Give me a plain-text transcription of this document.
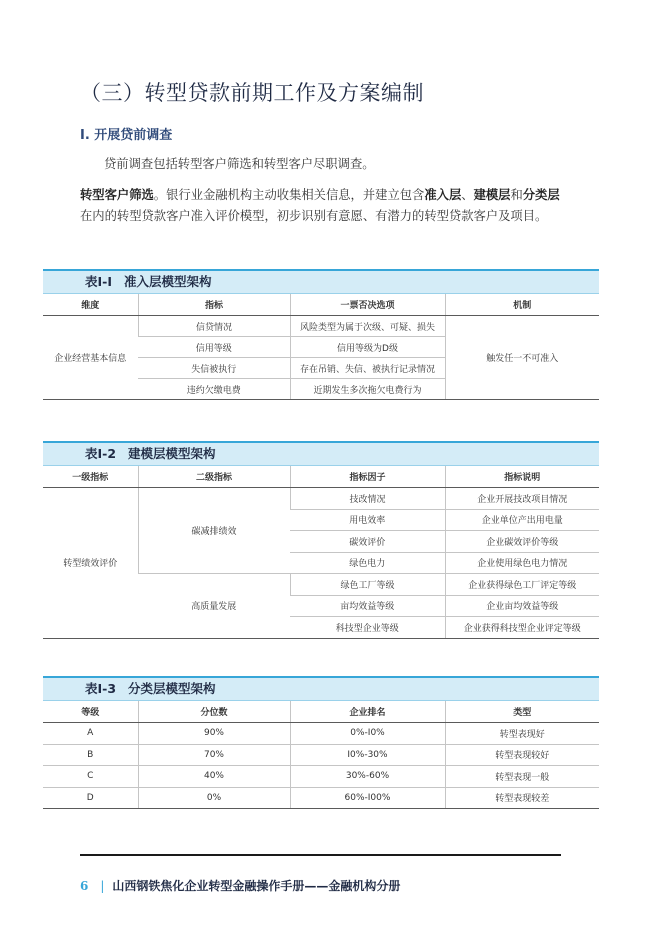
（三）转型贷款前期工作及方案编制
I. 开展贷前调查

贷前调查包括转型客户筛选和转型客户尽职调查。

转型客户筛选。银行业金融机构主动收集相关信息，并建立包含准入层、建模层和分类层在内的转型贷款客户准入评价模型，初步识别有意愿、有潜力的转型贷款客户及项目。

表I-I 准入层模型架构
维度	指标	一票否决选项	机制
企业经营基本信息	信贷情况	风险类型为属于次级、可疑、损失	触发任一不可准入
	信用等级	信用等级为D级	
	失信被执行	存在吊销、失信、被执行记录情况	
	违约欠缴电费	近期发生多次拖欠电费行为	
表I-2 建模层模型架构
一级指标	二级指标	指标因子	指标说明
转型绩效评价	碳减排绩效	技改情况	企业开展技改项目情况
		用电效率	企业单位产出用电量
		碳效评价	企业碳效评价等级
		绿色电力	企业使用绿色电力情况
	高质量发展	绿色工厂等级	企业获得绿色工厂评定等级
		亩均效益等级	企业亩均效益等级
		科技型企业等级	企业获得科技型企业评定等级
表I-3 分类层模型架构
等级	分位数	企业排名	类型
A	90%	0%-I0%	转型表现好
B	70%	I0%-30%	转型表现较好
C	40%	30%-60%	转型表现一般
D	0%	60%-I00%	转型表现较差
6 | 山西钢铁焦化企业转型金融操作手册——金融机构分册
